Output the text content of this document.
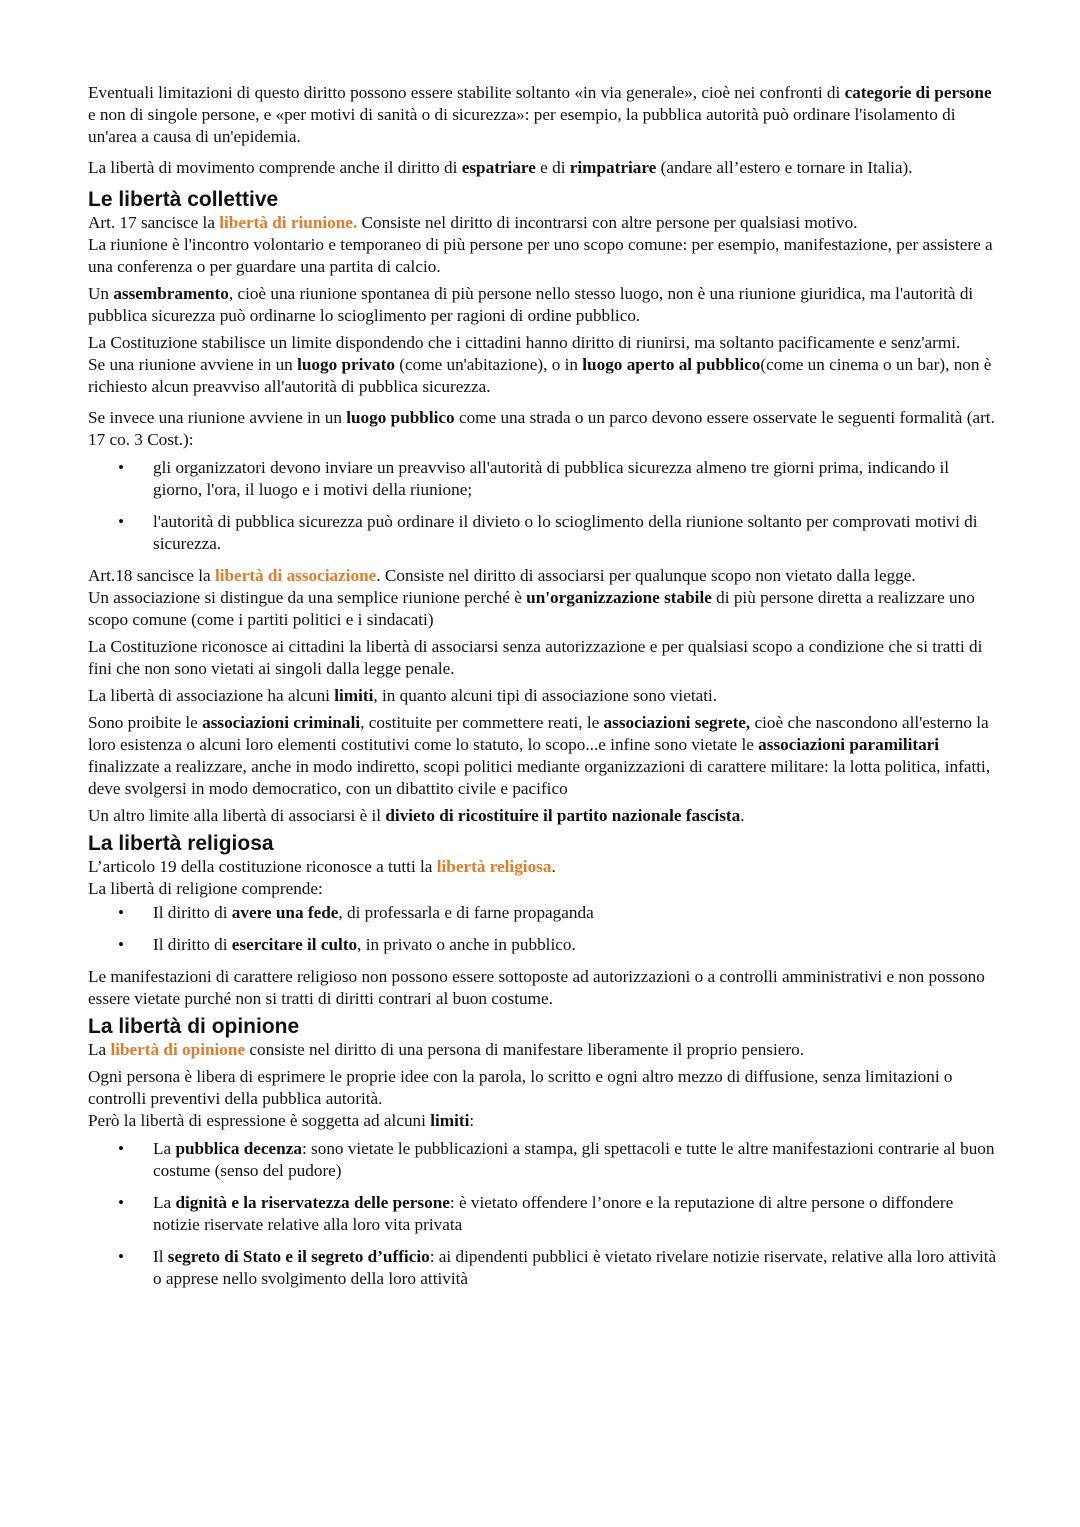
Eventuali limitazioni di questo diritto possono essere stabilite soltanto «in via generale», cioè nei confronti di categorie di persone e non di singole persone, e «per motivi di sanità o di sicurezza»: per esempio, la pubblica autorità può ordinare l'isolamento di un'area a causa di un'epidemia.

La libertà di movimento comprende anche il diritto di espatriare e di rimpatriare (andare all’estero e tornare in Italia).

Le libertà collettive

Art. 17 sancisce la libertà di riunione. Consiste nel diritto di incontrarsi con altre persone per qualsiasi motivo.

La riunione è l'incontro volontario e temporaneo di più persone per uno scopo comune: per esempio, manifestazione, per assistere a una conferenza o per guardare una partita di calcio.

Un assembramento, cioè una riunione spontanea di più persone nello stesso luogo, non è una riunione giuridica, ma l'autorità di pubblica sicurezza può ordinarne lo scioglimento per ragioni di ordine pubblico.

La Costituzione stabilisce un limite dispondendo che i cittadini hanno diritto di riunirsi, ma soltanto pacificamente e senz'armi.

Se una riunione avviene in un luogo privato (come un'abitazione), o in luogo aperto al pubblico(come un cinema o un bar), non è richiesto alcun preavviso all'autorità di pubblica sicurezza.

Se invece una riunione avviene in un luogo pubblico come una strada o un parco devono essere osservate le seguenti formalità (art. 17 co. 3 Cost.):

• gli organizzatori devono inviare un preavviso all'autorità di pubblica sicurezza almeno tre giorni prima, indicando il giorno, l'ora, il luogo e i motivi della riunione;
• l'autorità di pubblica sicurezza può ordinare il divieto o lo scioglimento della riunione soltanto per comprovati motivi di sicurezza.

Art.18 sancisce la libertà di associazione. Consiste nel diritto di associarsi per qualunque scopo non vietato dalla legge.

Un associazione si distingue da una semplice riunione perché è un'organizzazione stabile di più persone diretta a realizzare uno scopo comune (come i partiti politici e i sindacati)

La Costituzione riconosce ai cittadini la libertà di associarsi senza autorizzazione e per qualsiasi scopo a condizione che si tratti di fini che non sono vietati ai singoli dalla legge penale.

La libertà di associazione ha alcuni limiti, in quanto alcuni tipi di associazione sono vietati.

Sono proibite le associazioni criminali, costituite per commettere reati, le associazioni segrete, cioè che nascondono all'esterno la loro esistenza o alcuni loro elementi costitutivi come lo statuto, lo scopo...e infine sono vietate le associazioni paramilitari finalizzate a realizzare, anche in modo indiretto, scopi politici mediante organizzazioni di carattere militare: la lotta politica, infatti, deve svolgersi in modo democratico, con un dibattito civile e pacifico

Un altro limite alla libertà di associarsi è il divieto di ricostituire il partito nazionale fascista.

La libertà religiosa

L’articolo 19 della costituzione riconosce a tutti la libertà religiosa.

La libertà di religione comprende:

• Il diritto di avere una fede, di professarla e di farne propaganda
• Il diritto di esercitare il culto, in privato o anche in pubblico.

Le manifestazioni di carattere religioso non possono essere sottoposte ad autorizzazioni o a controlli amministrativi e non possono essere vietate purché non si tratti di diritti contrari al buon costume.

La libertà di opinione

La libertà di opinione consiste nel diritto di una persona di manifestare liberamente il proprio pensiero.

Ogni persona è libera di esprimere le proprie idee con la parola, lo scritto e ogni altro mezzo di diffusione, senza limitazioni o controlli preventivi della pubblica autorità.

Però la libertà di espressione è soggetta ad alcuni limiti:

• La pubblica decenza: sono vietate le pubblicazioni a stampa, gli spettacoli e tutte le altre manifestazioni contrarie al buon costume (senso del pudore)
• La dignità e la riservatezza delle persone: è vietato offendere l’onore e la reputazione di altre persone o diffondere notizie riservate relative alla loro vita privata
• Il segreto di Stato e il segreto d’ufficio: ai dipendenti pubblici è vietato rivelare notizie riservate, relative alla loro attività o apprese nello svolgimento della loro attività
